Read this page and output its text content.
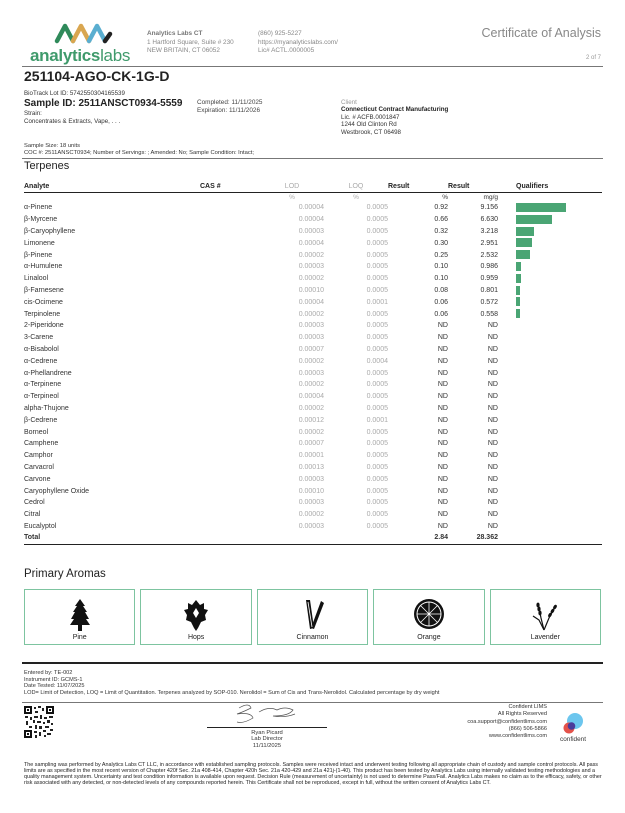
analyticslabs
Analytics Labs CT
1 Hartford Square, Suite # 230
NEW BRITAIN, CT 06052
(860) 925-5227
https://myanalyticslabs.com/
Lic# ACTL.0000005
Certificate of Analysis
2 of 7
251104-AGO-CK-1G-D
BioTrack Lot ID: 5742550304165539
Sample ID: 2511ANSCT0934-5559 Completed: 11/11/2025
Expiration: 11/11/2026
Strain:
Concentrates & Extracts, Vape, . . .
Client
Connecticut Contract Manufacturing
Lic. # ACFB.0001847
1244 Old Clinton Rd
Westbrook, CT 06498
Sample Size: 18 units
COC #: 2511ANSCT0934; Number of Servings: ; Amended: No; Sample Condition: Intact;
Terpenes
Analyte	CAS #	LOD	LOQ	Result	Result	Qualifiers
		%	%	%	mg/g	
α-Pinene		0.00004	0.0005	0.92	9.156	

β-Myrcene		0.00004	0.0005	0.66	6.630	

β-Caryophyllene		0.00003	0.0005	0.32	3.218	

Limonene		0.00004	0.0005	0.30	2.951	

β-Pinene		0.00002	0.0005	0.25	2.532	

α-Humulene		0.00003	0.0005	0.10	0.986	

Linalool		0.00002	0.0005	0.10	0.959	

β-Farnesene		0.00010	0.0005	0.08	0.801	

cis-Ocimene		0.00004	0.0001	0.06	0.572	

Terpinolene		0.00002	0.0005	0.06	0.558	

2-Piperidone		0.00003	0.0005	ND	ND	
3-Carene		0.00003	0.0005	ND	ND	
α-Bisabolol		0.00007	0.0005	ND	ND	
α-Cedrene		0.00002	0.0004	ND	ND	
α-Phellandrene		0.00003	0.0005	ND	ND	
α-Terpinene		0.00002	0.0005	ND	ND	
α-Terpineol		0.00004	0.0005	ND	ND	
alpha-Thujone		0.00002	0.0005	ND	ND	
β-Cedrene		0.00012	0.0001	ND	ND	
Borneol		0.00002	0.0005	ND	ND	
Camphene		0.00007	0.0005	ND	ND	
Camphor		0.00001	0.0005	ND	ND	
Carvacrol		0.00013	0.0005	ND	ND	
Carvone		0.00003	0.0005	ND	ND	
Caryophyllene Oxide		0.00010	0.0005	ND	ND	
Cedrol		0.00003	0.0005	ND	ND	
Citral		0.00002	0.0005	ND	ND	
Eucalyptol		0.00003	0.0005	ND	ND	
Total				2.84	28.362	
Primary Aromas
Pine	Hops	Cinnamon	Orange	Lavender
Entered by: TE-002
Instrument ID: GCMS-1
Date Tested: 11/07/2025
LOD= Limit of Detection, LOQ = Limit of Quantitation. Terpenes analyzed by SOP-010. Nerolidol = Sum of Cis and Trans-Nerolidol. Calculated percentage by dry weight
Ryan Picard
Lab Director
11/11/2025
Confident LIMS
All Rights Reserved
coa.support@confidentlims.com
(866) 506-5866
www.confidentlims.com	confident
The sampling was performed by Analytics Labs CT LLC, in accordance with established sampling protocols. Samples were received intact and underwent testing following all appropriate chain of custody and sample control protocols. All pass limits are as specified in the most recent version of Chapter 420f Sec. 21a 408-414, Chapter 420h Sec. 21a 420-429 and 21a 421j-(1-40). This product has been tested by Analytics Labs using internally validated testing methodologies and a quality management system. Uncertainty and test condition information is available upon request. Decision Rule (measurement of uncertainty) is not used to determine Pass/Fail. Analytics Labs makes no claim as to the efficacy, safety, or other risk associated with any detected, or non-detected levels of any compounds reported herein. This Certificate shall not be reproduced, except in full, without the written consent of Analytics Labs CT.
